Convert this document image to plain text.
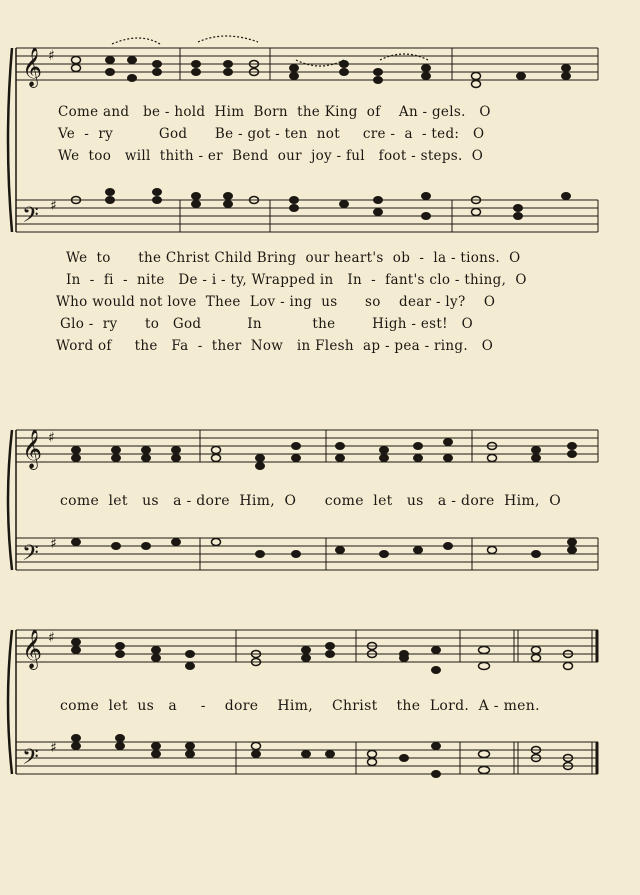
𝄞 ♯
𝄢 ♯
Come and   be - hold  Him  Born  the King  of    An - gels.   O
Ve  -  ry          God      Be - got - ten  not     cre -  a  - ted:   O
We  too   will  thith - er  Bend  our  joy - ful   foot - steps.  O
We  to      the Christ Child Bring  our heart's  ob  -  la - tions.  O
In  -  fi  -  nite   De - i - ty, Wrapped in   In  -  fant's clo - thing,  O
Who would not love  Thee  Lov - ing  us      so    dear - ly?    O
Glo -  ry      to   God          In           the        High - est!   O
Word of     the   Fa  -  ther  Now   in Flesh  ap - pea - ring.   O
𝄞 ♯
𝄢 ♯
come  let   us   a - dore  Him,  O      come  let   us   a - dore  Him,  O
𝄞 ♯
𝄢 ♯
come  let  us   a     -    dore    Him,    Christ    the  Lord.  A - men.
